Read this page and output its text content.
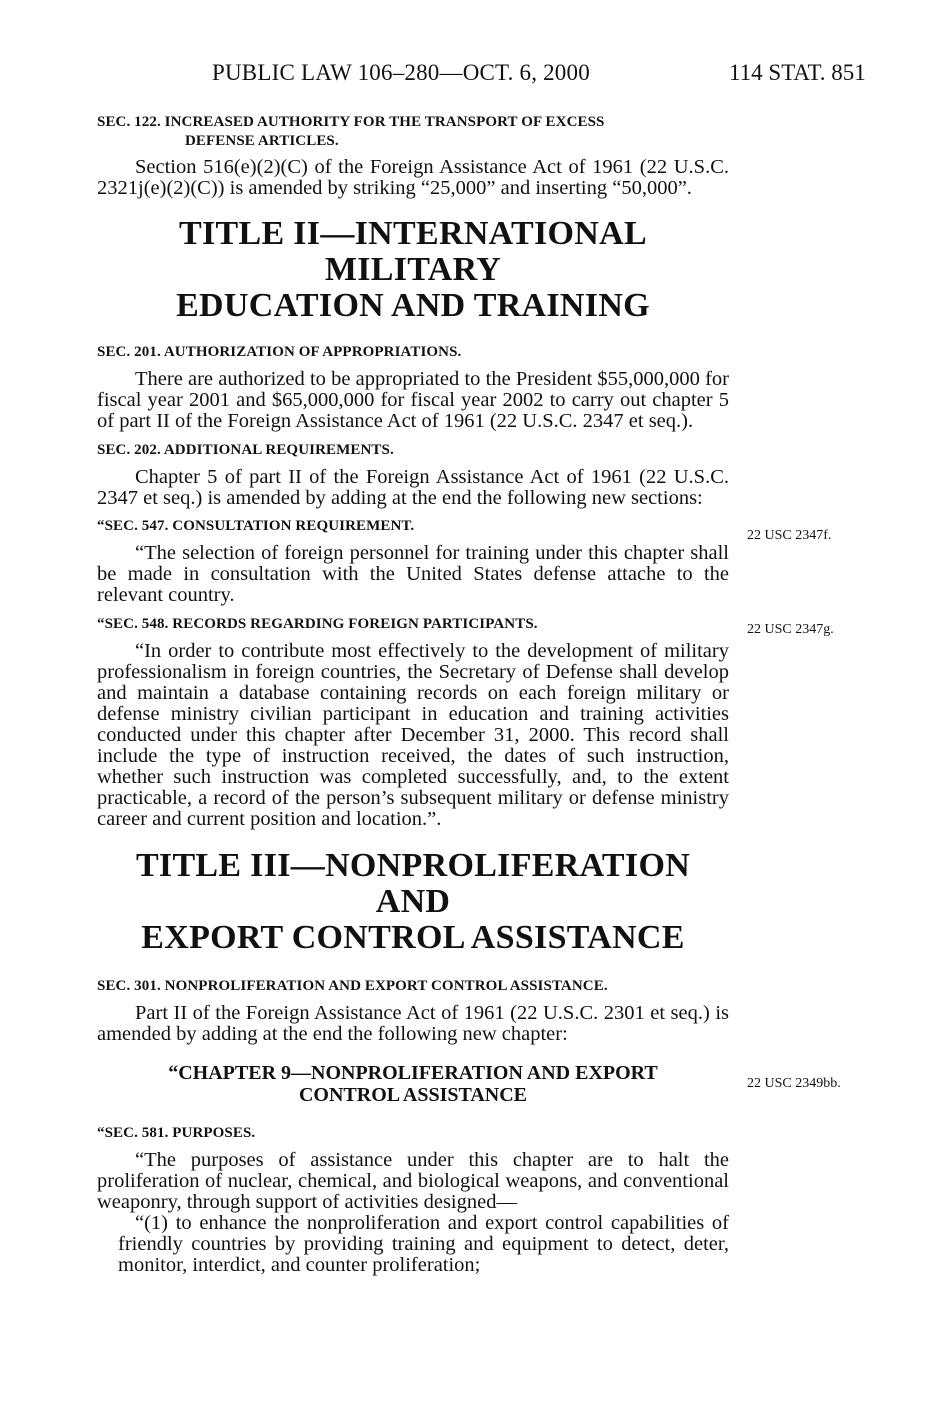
PUBLIC LAW 106–280—OCT. 6, 2000	114 STAT. 851
22 USC 2347f.
22 USC 2347g.
22 USC 2349bb.

SEC. 122. INCREASED AUTHORITY FOR THE TRANSPORT OF EXCESS
DEFENSE ARTICLES.

Section 516(e)(2)(C) of the Foreign Assistance Act of 1961 (22 U.S.C. 2321j(e)(2)(C)) is amended by striking “25,000” and inserting “50,000”.

TITLE II—INTERNATIONAL MILITARY

EDUCATION AND TRAINING

SEC. 201. AUTHORIZATION OF APPROPRIATIONS.

There are authorized to be appropriated to the President $55,000,000 for fiscal year 2001 and $65,000,000 for fiscal year 2002 to carry out chapter 5 of part II of the Foreign Assistance Act of 1961 (22 U.S.C. 2347 et seq.).

SEC. 202. ADDITIONAL REQUIREMENTS.

Chapter 5 of part II of the Foreign Assistance Act of 1961 (22 U.S.C. 2347 et seq.) is amended by adding at the end the following new sections:

“SEC. 547. CONSULTATION REQUIREMENT.

“The selection of foreign personnel for training under this chapter shall be made in consultation with the United States defense attache to the relevant country.

“SEC. 548. RECORDS REGARDING FOREIGN PARTICIPANTS.

“In order to contribute most effectively to the development of military professionalism in foreign countries, the Secretary of Defense shall develop and maintain a database containing records on each foreign military or defense ministry civilian participant in education and training activities conducted under this chapter after December 31, 2000. This record shall include the type of instruction received, the dates of such instruction, whether such instruction was completed successfully, and, to the extent practicable, a record of the person’s subsequent military or defense ministry career and current position and location.”.

TITLE III—NONPROLIFERATION AND

EXPORT CONTROL ASSISTANCE

SEC. 301. NONPROLIFERATION AND EXPORT CONTROL ASSISTANCE.

Part II of the Foreign Assistance Act of 1961 (22 U.S.C. 2301 et seq.) is amended by adding at the end the following new chapter:

“CHAPTER 9—NONPROLIFERATION AND EXPORT

CONTROL ASSISTANCE

“SEC. 581. PURPOSES.

“The purposes of assistance under this chapter are to halt the proliferation of nuclear, chemical, and biological weapons, and conventional weaponry, through support of activities designed—

“(1) to enhance the nonproliferation and export control capabilities of friendly countries by providing training and equipment to detect, deter, monitor, interdict, and counter proliferation;
